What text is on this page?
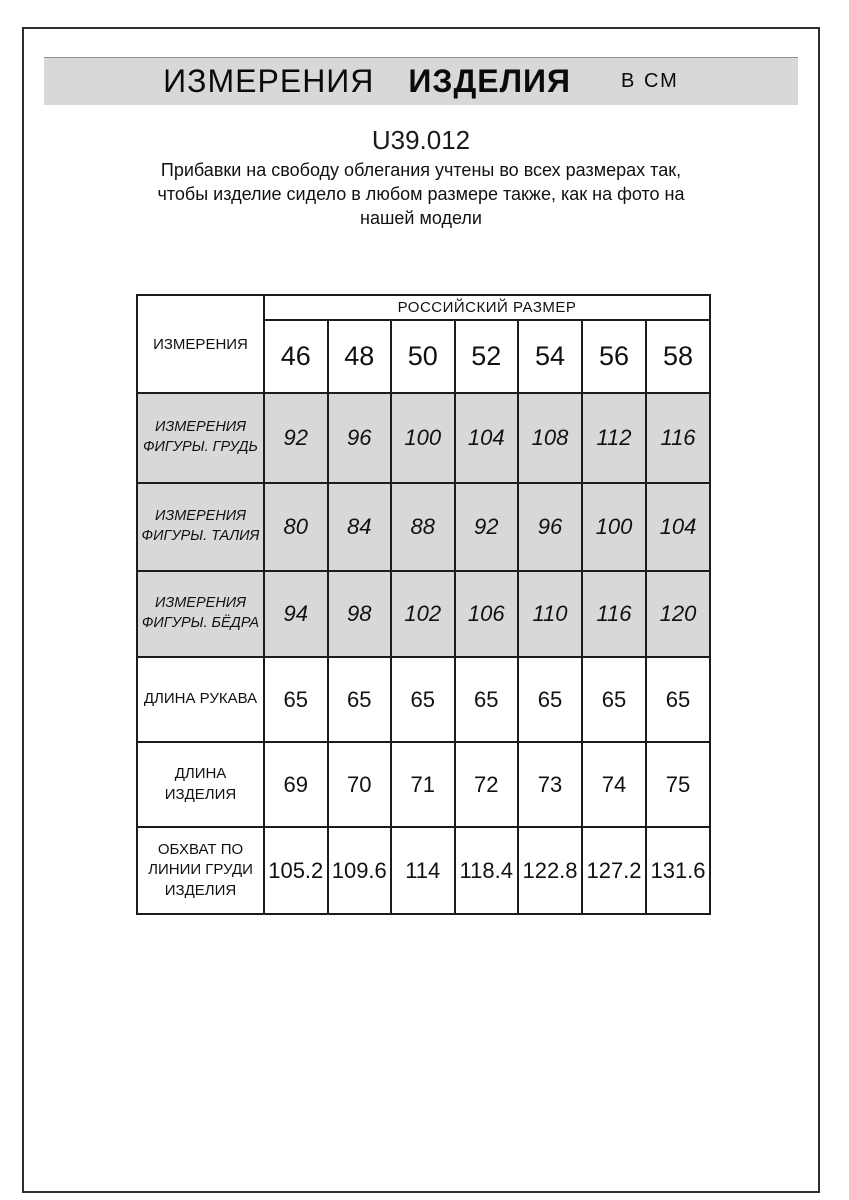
ИЗМЕРЕНИЯ ИЗДЕЛИЯ	В СМ
U39.012
Прибавки на свободу облегания учтены во всех размерах так,
чтобы изделие сидело в любом размере также, как на фото на
нашей модели
ИЗМЕРЕНИЯ	РОССИЙСКИЙ РАЗМЕР						
	46	48	50	52	54	56	58
ИЗМЕРЕНИЯ ФИГУРЫ. ГРУДЬ	92	96	100	104	108	112	116
ИЗМЕРЕНИЯ ФИГУРЫ. ТАЛИЯ	80	84	88	92	96	100	104
ИЗМЕРЕНИЯ ФИГУРЫ. БЁДРА	94	98	102	106	110	116	120
ДЛИНА РУКАВА	65	65	65	65	65	65	65
ДЛИНА ИЗДЕЛИЯ	69	70	71	72	73	74	75
ОБХВАТ ПО ЛИНИИ ГРУДИ ИЗДЕЛИЯ	105.2	109.6	114	118.4	122.8	127.2	131.6
